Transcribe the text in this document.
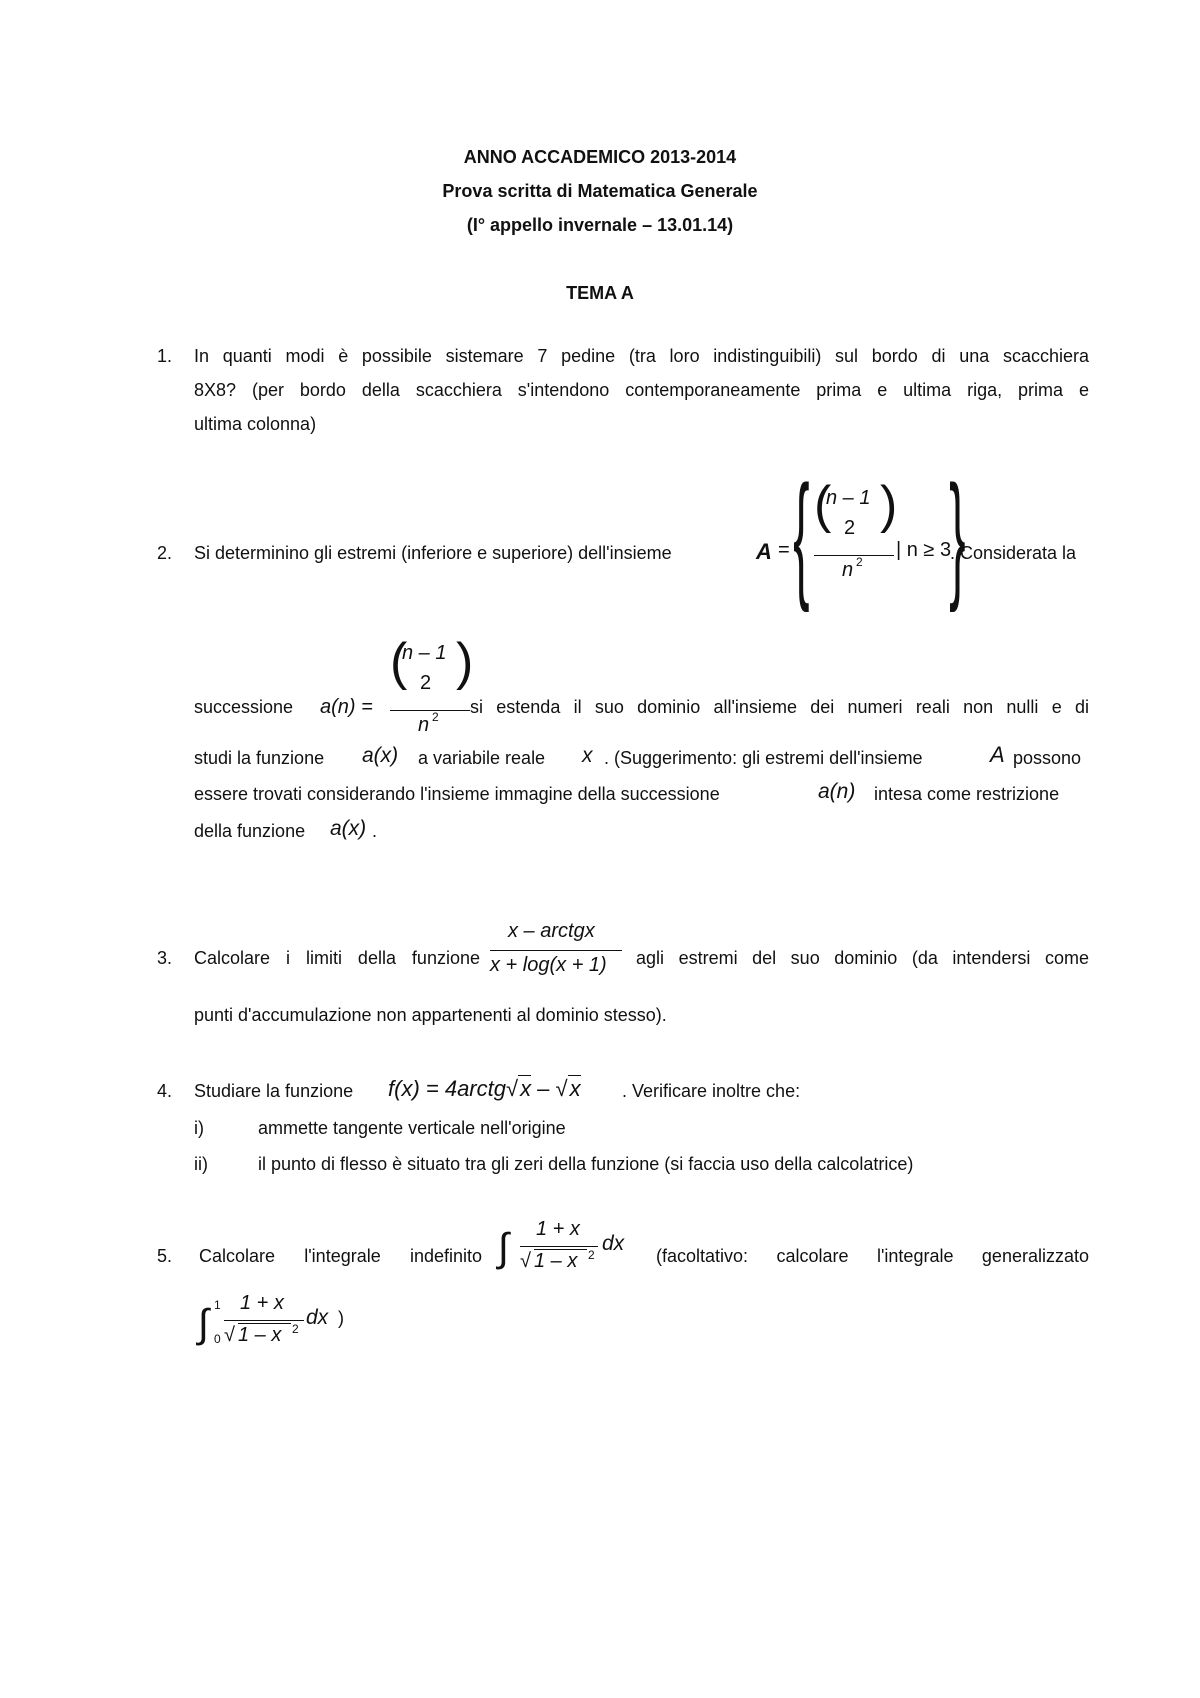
ANNO ACCADEMICO 2013-2014
Prova scritta di Matematica Generale
(I° appello invernale – 13.01.14)
TEMA A
1. In quanti modi è possibile sistemare 7 pedine (tra loro indistinguibili) sul bordo di una scacchiera
8X8? (per bordo della scacchiera s'intendono contemporaneamente prima e ultima riga, prima e
ultima colonna)
2. Si determinino gli estremi (inferiore e superiore) dell'insieme	A = { (
n – 1
2 )
n 2
| n ≥ 3
}
. Considerata la
successione a(n) =
(
n – 1
2 )
n 2 si estenda il suo dominio all'insieme dei numeri reali non nulli e di
studi la funzione a(x) a variabile reale x . (Suggerimento: gli estremi dell'insieme	A possono
essere trovati considerando l'insieme immagine della successione	a(n) intesa come restrizione
della funzione a(x) .
3. Calcolare i limiti della funzione
x – arctgx
x + log(x + 1) agli estremi del suo dominio (da intendersi come
punti d'accumulazione non appartenenti al dominio stesso).
4. Studiare la funzione f(x) = 4arctg√x – √x . Verificare inoltre che:
i)	ammette tangente verticale nell'origine
ii)	il punto di flesso è situato tra gli zeri della funzione (si faccia uso della calcolatrice)
5. Calcolare l'integrale indefinito ∫ 1 + x
√ 1 – x 2 dx
(facoltativo: calcolare l'integrale generalizzato
∫ 1
0
1 + x
√ 1 – x 2 dx )
